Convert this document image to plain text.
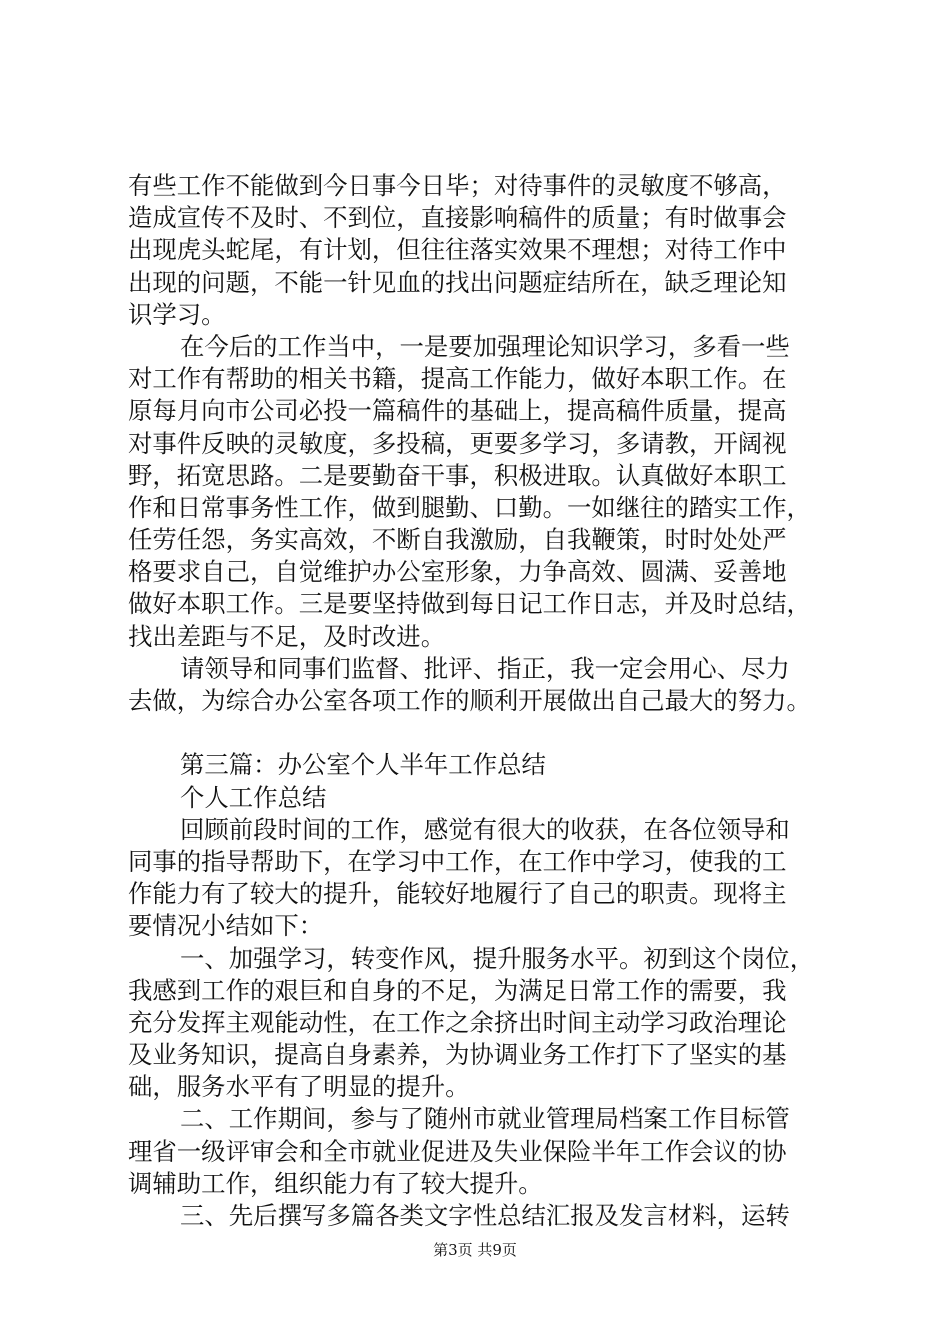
有些工作不能做到今日事今日毕；对待事件的灵敏度不够高，
造成宣传不及时、不到位，直接影响稿件的质量；有时做事会
出现虎头蛇尾，有计划，但往往落实效果不理想；对待工作中
出现的问题，不能一针见血的找出问题症结所在，缺乏理论知
识学习。
在今后的工作当中，一是要加强理论知识学习，多看一些
对工作有帮助的相关书籍，提高工作能力，做好本职工作。在
原每月向市公司必投一篇稿件的基础上，提高稿件质量，提高
对事件反映的灵敏度，多投稿，更要多学习，多请教，开阔视
野，拓宽思路。二是要勤奋干事，积极进取。认真做好本职工
作和日常事务性工作，做到腿勤、口勤。一如继往的踏实工作，
任劳任怨，务实高效，不断自我激励，自我鞭策，时时处处严
格要求自己，自觉维护办公室形象，力争高效、圆满、妥善地
做好本职工作。三是要坚持做到每日记工作日志，并及时总结，
找出差距与不足，及时改进。
请领导和同事们监督、批评、指正，我一定会用心、尽力
去做，为综合办公室各项工作的顺利开展做出自己最大的努力。
第三篇：办公室个人半年工作总结
个人工作总结
回顾前段时间的工作，感觉有很大的收获，在各位领导和
同事的指导帮助下，在学习中工作，在工作中学习，使我的工
作能力有了较大的提升，能较好地履行了自己的职责。现将主
要情况小结如下：
一、加强学习，转变作风，提升服务水平。初到这个岗位，
我感到工作的艰巨和自身的不足，为满足日常工作的需要，我
充分发挥主观能动性，在工作之余挤出时间主动学习政治理论
及业务知识，提高自身素养，为协调业务工作打下了坚实的基
础，服务水平有了明显的提升。
二、工作期间，参与了随州市就业管理局档案工作目标管
理省一级评审会和全市就业促进及失业保险半年工作会议的协
调辅助工作，组织能力有了较大提升。
三、先后撰写多篇各类文字性总结汇报及发言材料，运转
第3页 共9页
